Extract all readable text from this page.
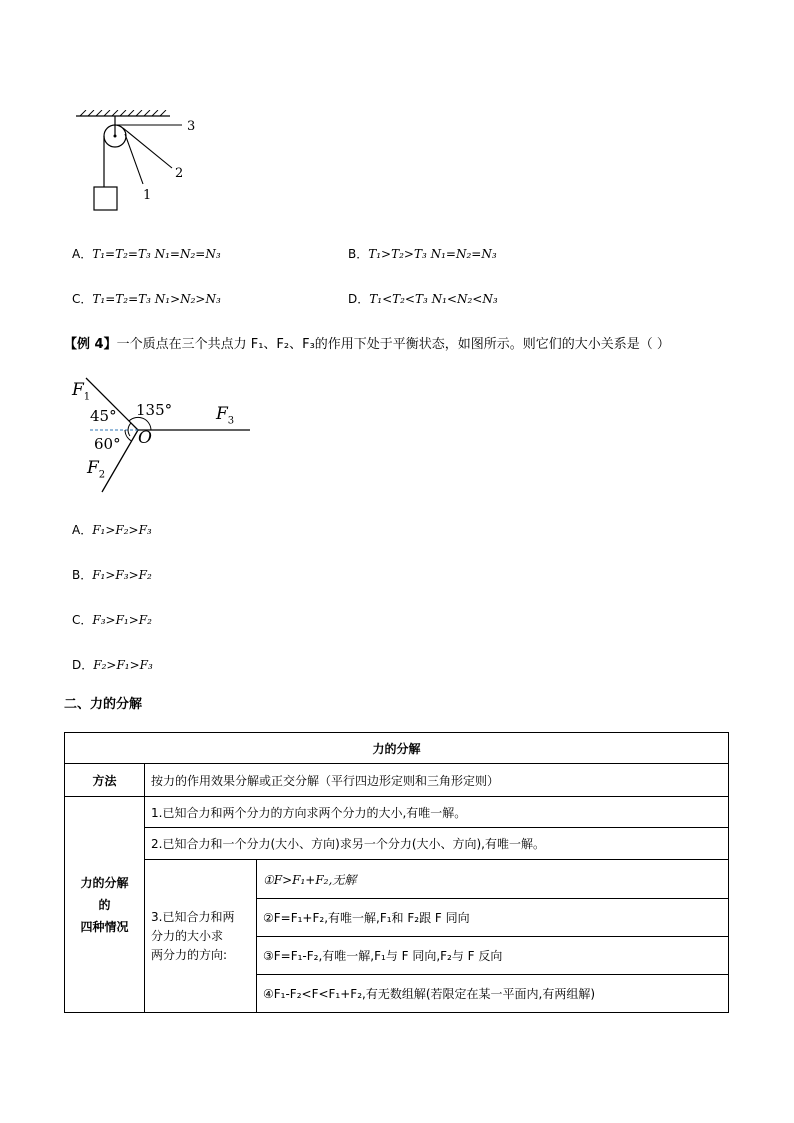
3
2
1
A．T₁=T₂=T₃ N₁=N₂=N₃	B．T₁>T₂>T₃ N₁=N₂=N₃
C．T₁=T₂=T₃ N₁>N₂>N₃	D．T₁<T₂<T₃ N₁<N₂<N₃
【例 4】一个质点在三个共点力 F₁、F₂、F₃的作用下处于平衡状态，如图所示。则它们的大小关系是（ ）
$F_1$
45° 135°	$F_3$
60° O
$F_2$
A．F₁>F₂>F₃
B．F₁>F₃>F₂
C．F₃>F₁>F₂
D．F₂>F₁>F₃
二、力的分解
力的分解		
方法	按力的作用效果分解或正交分解（平行四边形定则和三角形定则）	

力的分解
的
四种情况	1.已知合力和两个分力的方向求两个分力的大小,有唯一解。	
	2.已知合力和一个分力(大小、方向)求另一个分力(大小、方向),有唯一解。	

	3.已知合力和两
分力的大小求
两分力的方向:	①F>F₁+F₂,无解
		②F=F₁+F₂,有唯一解,F₁和 F₂跟 F 同向
		③F=F₁-F₂,有唯一解,F₁与 F 同向,F₂与 F 反向
		④F₁-F₂<F<F₁+F₂,有无数组解(若限定在某一平面内,有两组解)
